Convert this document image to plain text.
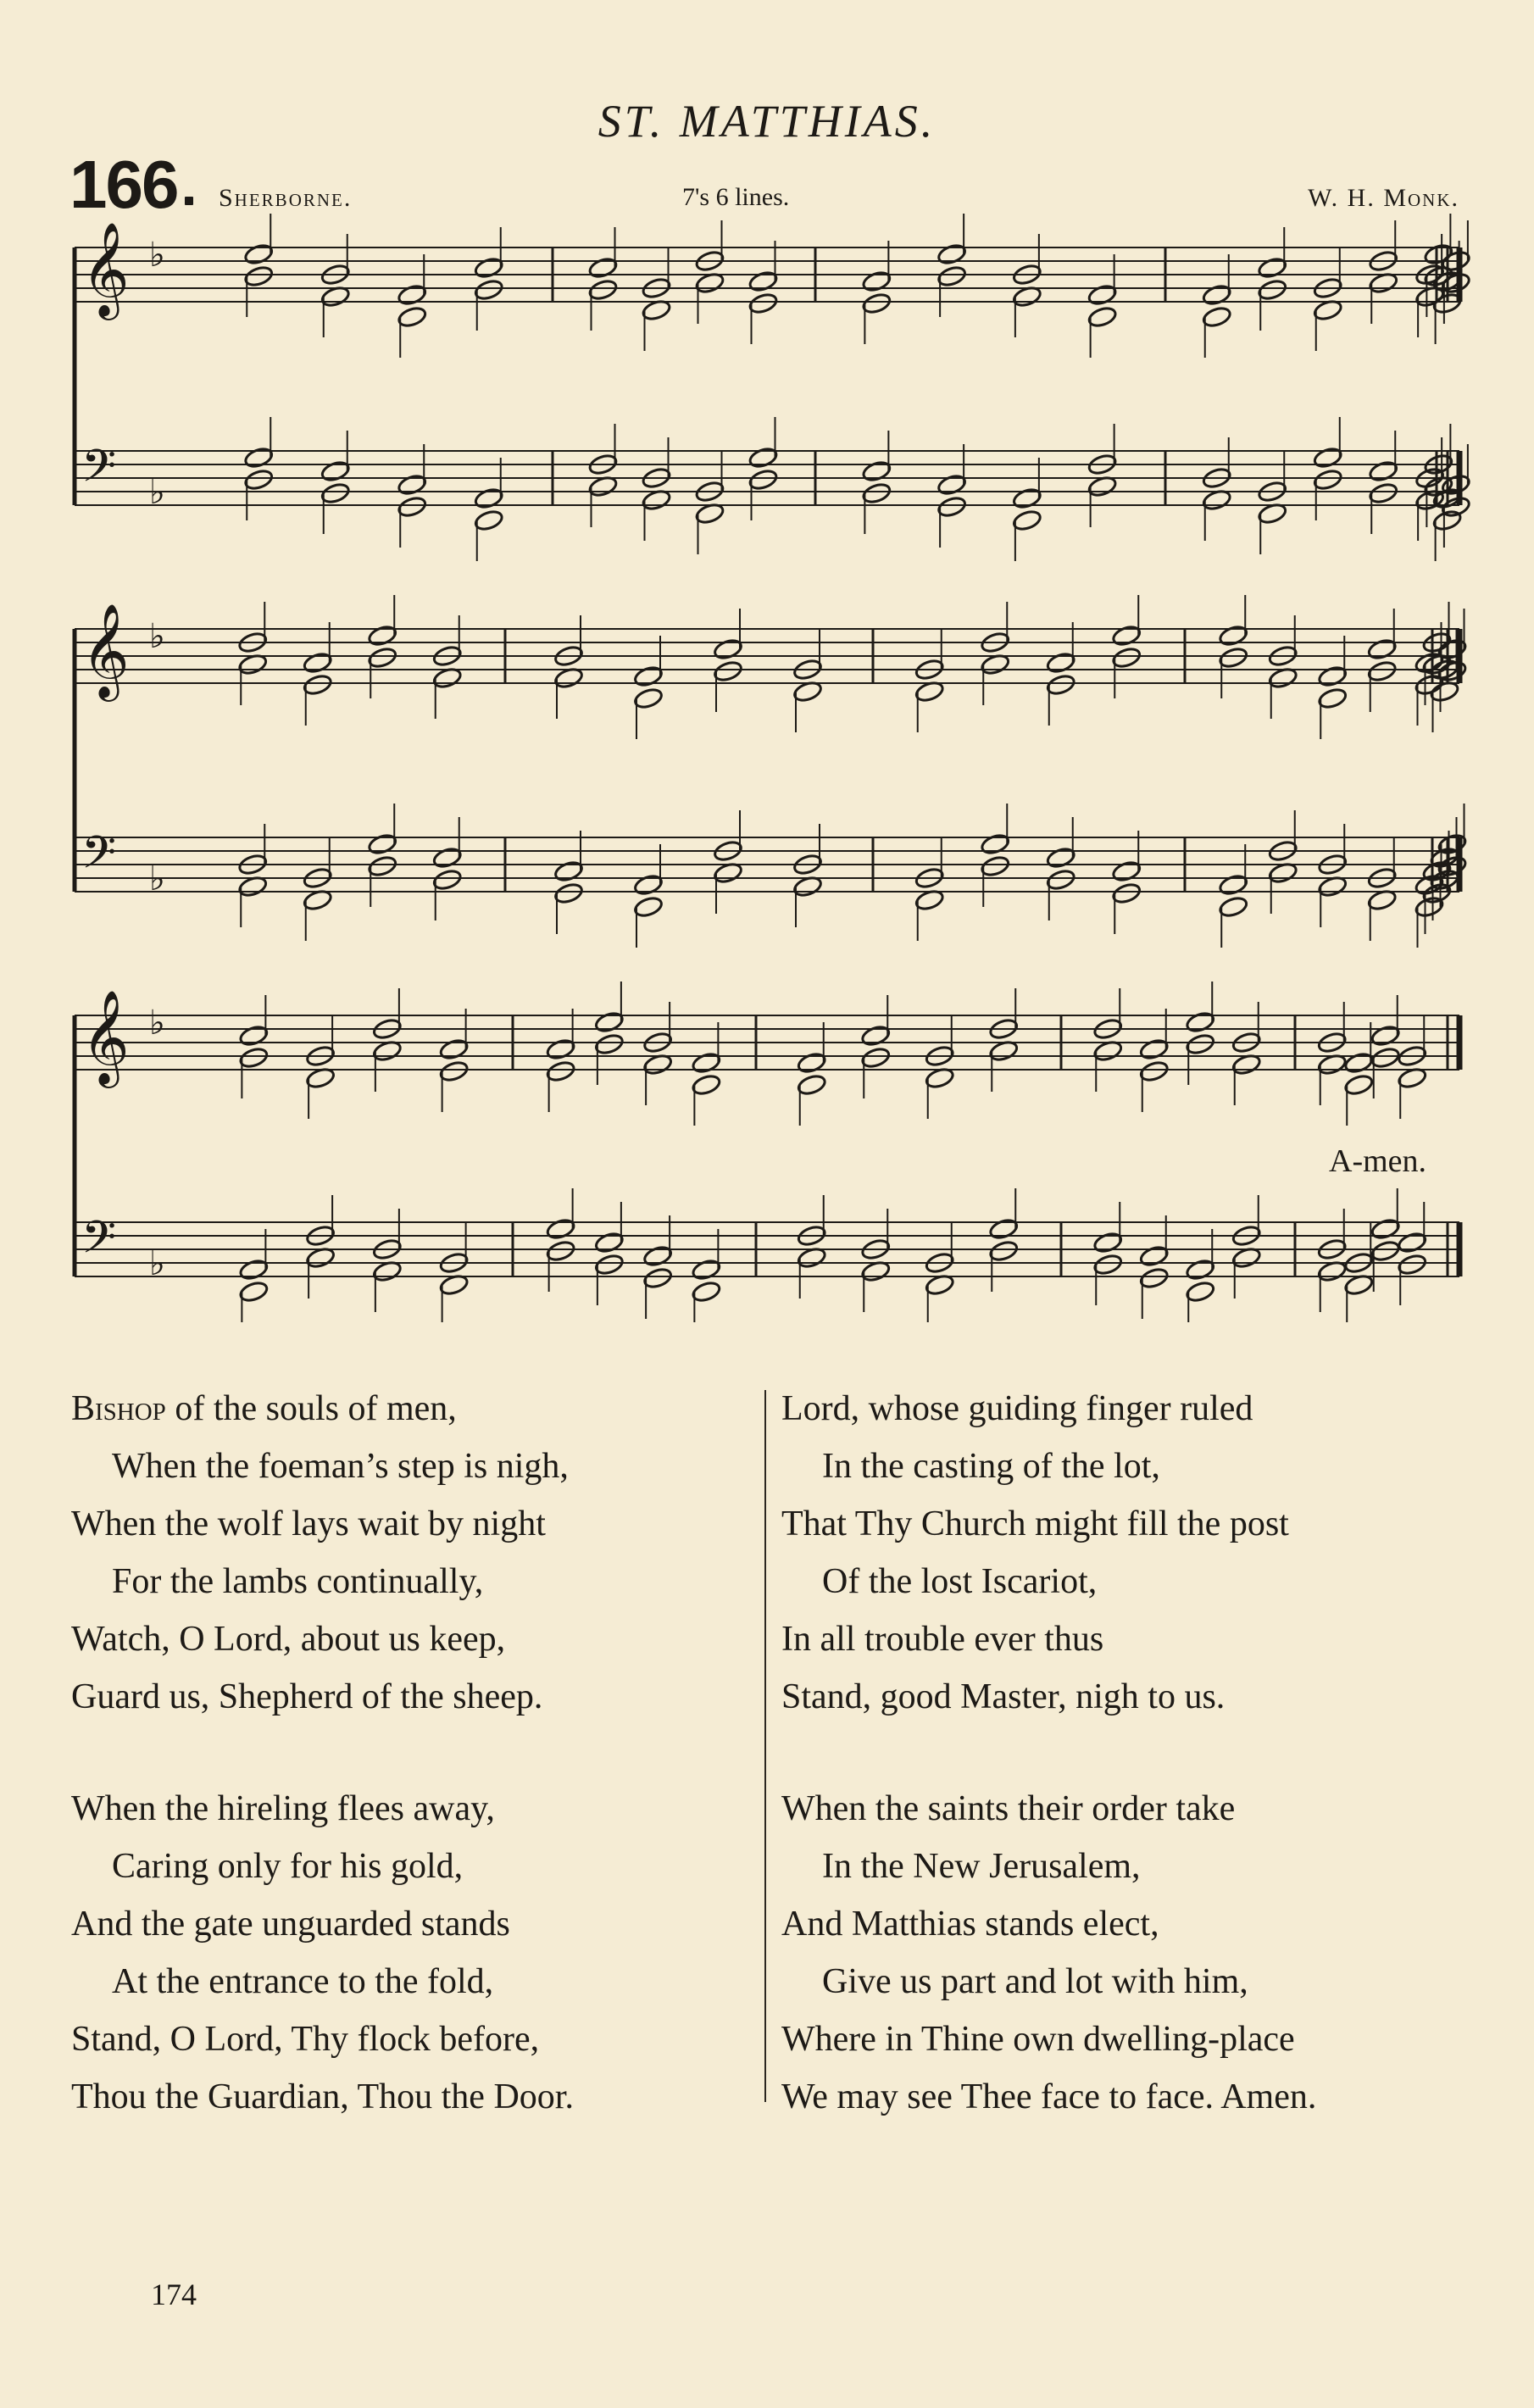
ST. MATTHIAS.
166 Sherborne.	7's 6 lines.	W. H. Monk.
𝄞
𝄢
♭
♭
𝄞
𝄢
♭
♭
𝄞
𝄢
♭
♭
A-men.
Bishop of the souls of men,
When the foeman’s step is nigh,
When the wolf lays wait by night
For the lambs continually,
Watch, O Lord, about us keep,
Guard us, Shepherd of the sheep.
Lord, whose guiding finger ruled
In the casting of the lot,
That Thy Church might fill the post
Of the lost Iscariot,
In all trouble ever thus
Stand, good Master, nigh to us.
When the hireling flees away,
Caring only for his gold,
And the gate unguarded stands
At the entrance to the fold,
Stand, O Lord, Thy flock before,
Thou the Guardian, Thou the Door.
When the saints their order take
In the New Jerusalem,
And Matthias stands elect,
Give us part and lot with him,
Where in Thine own dwelling-place
We may see Thee face to face. Amen.
174
